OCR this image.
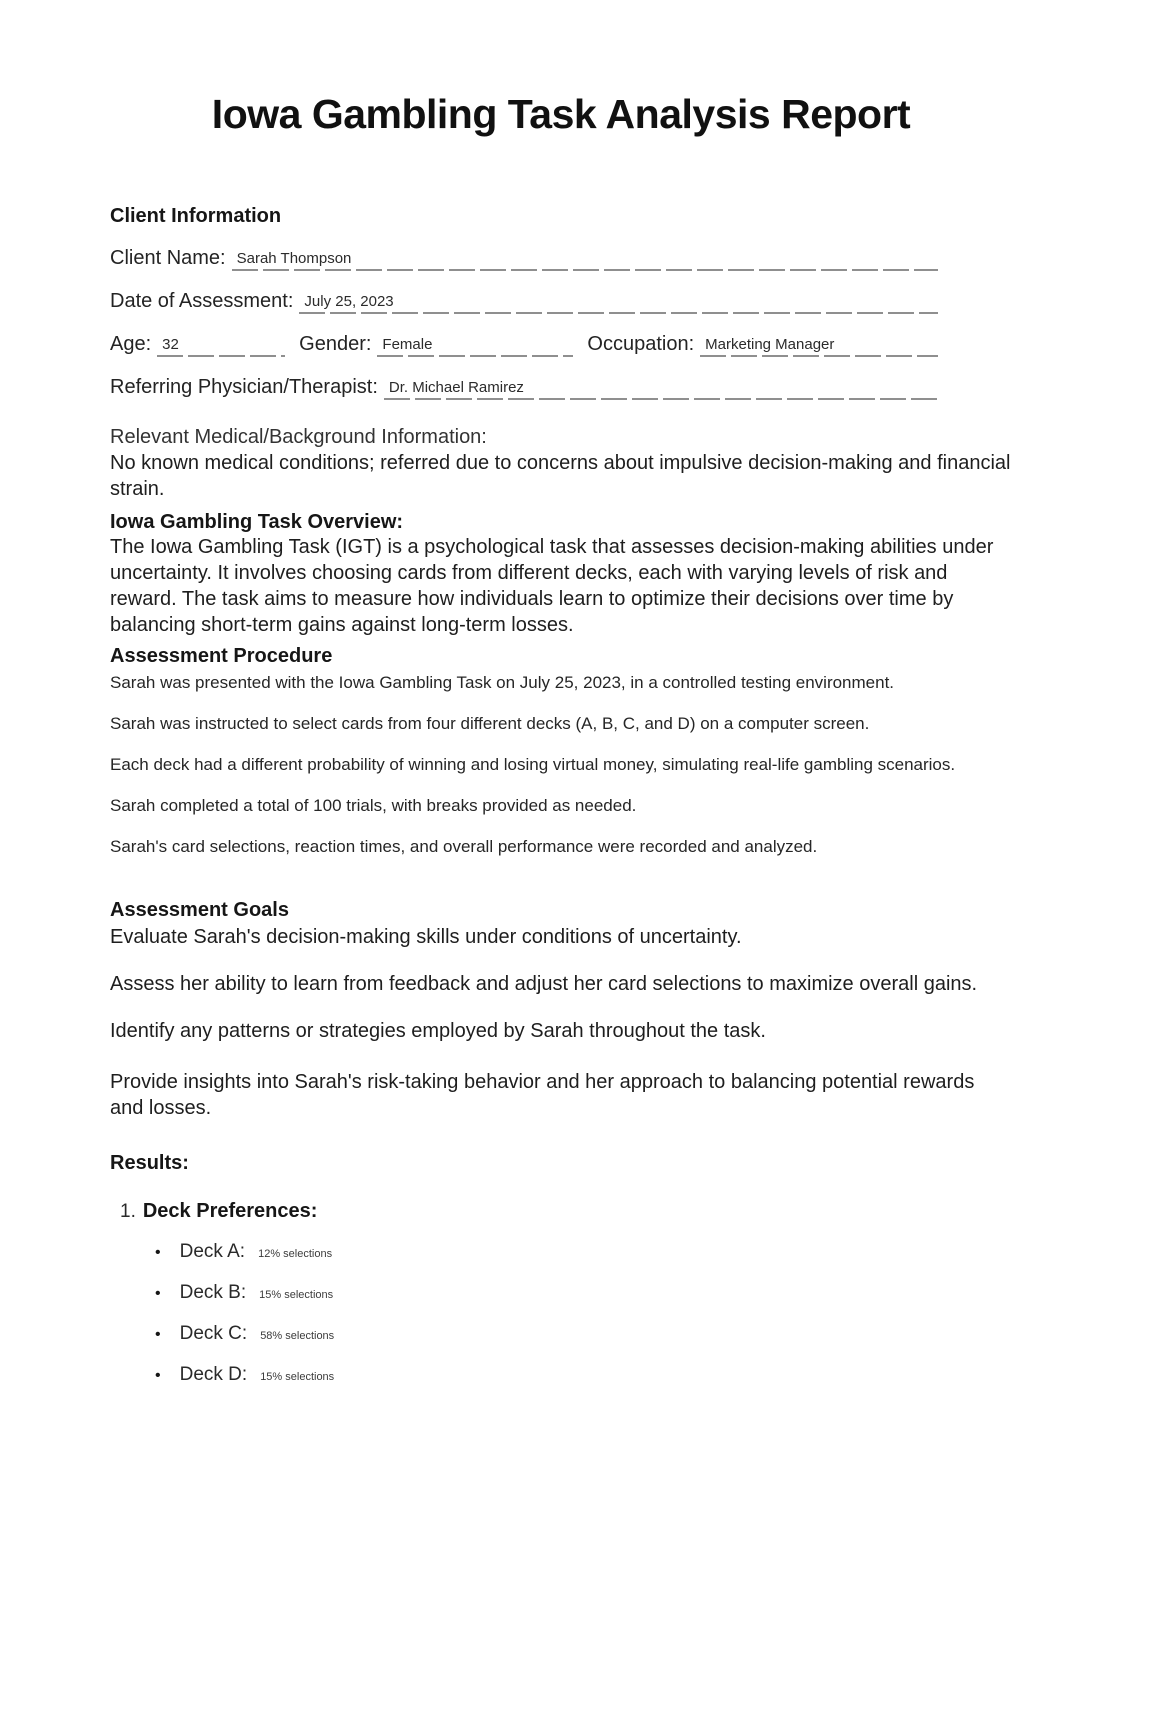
Iowa Gambling Task Analysis Report
Client Information
Client Name: Sarah Thompson
Date of Assessment: July 25, 2023
Age: 32	Gender: Female	Occupation: Marketing Manager
Referring Physician/Therapist: Dr. Michael Ramirez
Relevant Medical/Background Information:

No known medical conditions; referred due to concerns about impulsive decision-making and financial strain.

Iowa Gambling Task Overview:

The Iowa Gambling Task (IGT) is a psychological task that assesses decision-making abilities under uncertainty. It involves choosing cards from different decks, each with varying levels of risk and reward. The task aims to measure how individuals learn to optimize their decisions over time by balancing short-term gains against long-term losses.

Assessment Procedure

Sarah was presented with the Iowa Gambling Task on July 25, 2023, in a controlled testing environment.

Sarah was instructed to select cards from four different decks (A, B, C, and D) on a computer screen.

Each deck had a different probability of winning and losing virtual money, simulating real-life gambling scenarios.

Sarah completed a total of 100 trials, with breaks provided as needed.

Sarah's card selections, reaction times, and overall performance were recorded and analyzed.

Assessment Goals

Evaluate Sarah's decision-making skills under conditions of uncertainty.

Assess her ability to learn from feedback and adjust her card selections to maximize overall gains.

Identify any patterns or strategies employed by Sarah throughout the task.

Provide insights into Sarah's risk-taking behavior and her approach to balancing potential rewards and losses.

Results:
1. Deck Preferences:
• Deck A: 12% selections
• Deck B: 15% selections
• Deck C: 58% selections
• Deck D: 15% selections
